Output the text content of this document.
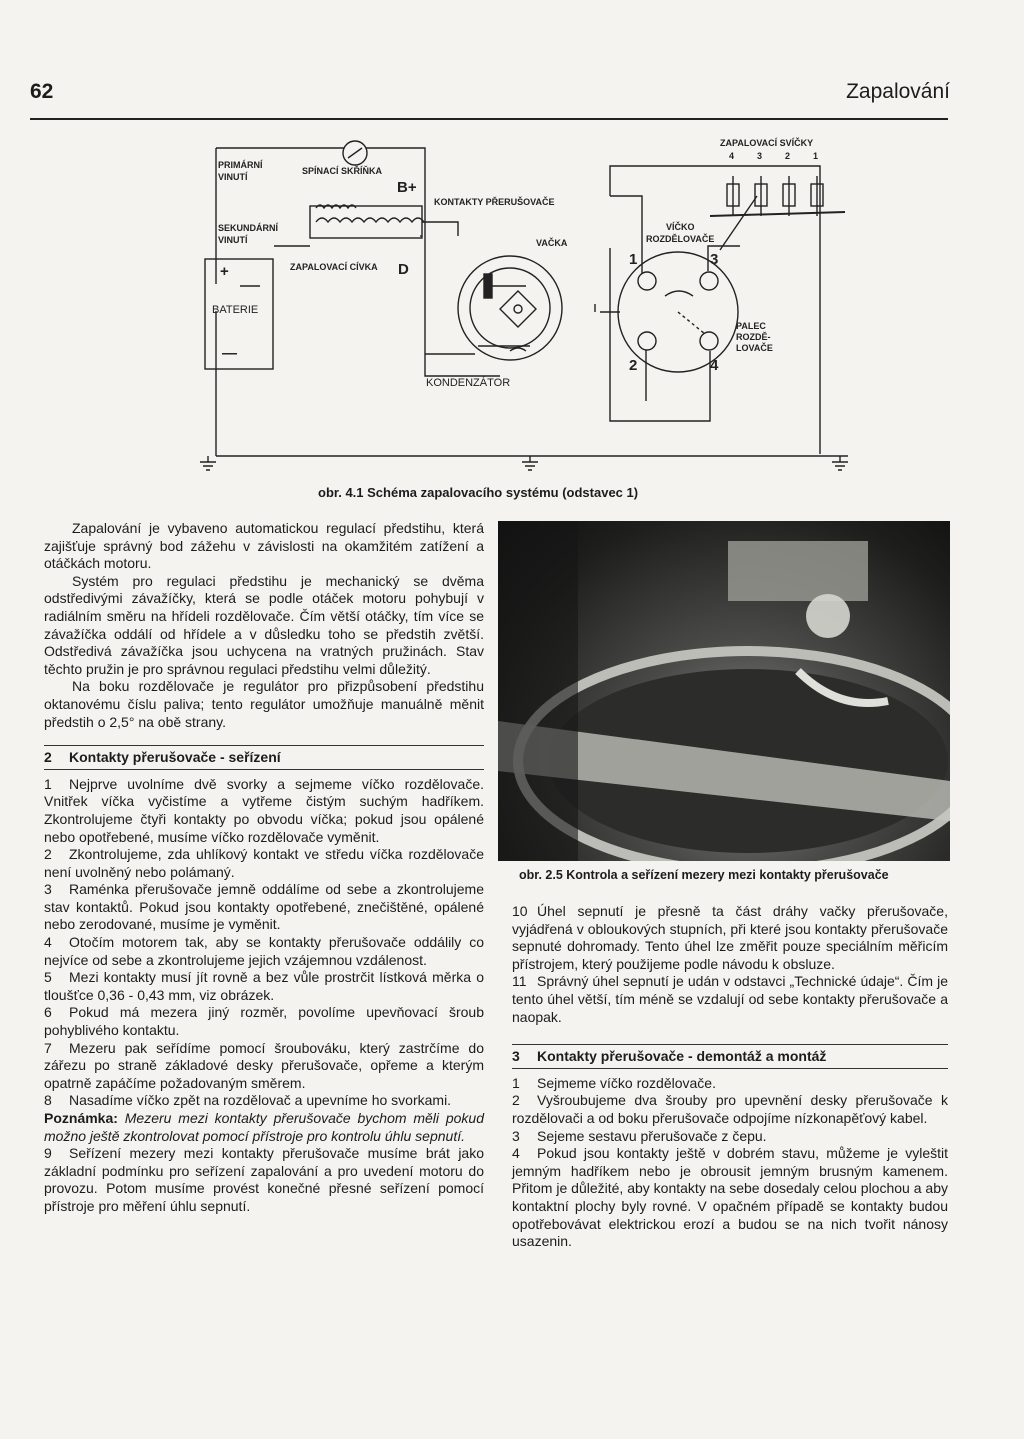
62	Zapalování
PRIMÁRNÍ
VINUTÍ
SPÍNACÍ SKŘÍŇKA
B+
KONTAKTY PŘERUŠOVAČE
SEKUNDÁRNÍ
VINUTÍ	VAČKA
ZAPALOVACÍ CÍVKA D
+
BATERIE
—
KONDENZÁTOR
ZAPALOVACÍ SVÍČKY
4	3	2	1
VÍČKO
ROZDĚLOVAČE
PALEC
ROZDĚ-
LOVAČE
1	3
2	4
obr. 4.1 Schéma zapalovacího systému (odstavec 1)

Zapalování je vybaveno automatickou regulací předstihu, která zajišťuje správný bod zážehu v závislosti na okamžitém zatížení a otáčkách motoru.

Systém pro regulaci předstihu je mechanický se dvěma odstředivými závažíčky, která se podle otáček motoru pohybují v radiálním směru na hřídeli rozdělovače. Čím větší otáčky, tím více se závažíčka oddálí od hřídele a v důsledku toho se předstih zvětší. Odstředivá závažíčka jsou uchycena na vratných pružinách. Stav těchto pružin je pro správnou regulaci předstihu velmi důležitý.

Na boku rozdělovače je regulátor pro přizpůsobení předstihu oktanovému číslu paliva; tento regulátor umožňuje manuálně měnit předstih o 2,5° na obě strany.

2 Kontakty přerušovače - seřízení

1 Nejprve uvolníme dvě svorky a sejmeme víčko rozdělovače. Vnitřek víčka vyčistíme a vytřeme čistým suchým hadříkem. Zkontrolujeme čtyři kontakty po obvodu víčka; pokud jsou opálené nebo opotřebené, musíme víčko rozdělovače vyměnit.

2 Zkontrolujeme, zda uhlíkový kontakt ve středu víčka rozdělovače není uvolněný nebo polámaný.

3 Raménka přerušovače jemně oddálíme od sebe a zkontrolujeme stav kontaktů. Pokud jsou kontakty opotřebené, znečištěné, opálené nebo zerodované, musíme je vyměnit.

4 Otočím motorem tak, aby se kontakty přerušovače oddálily co nejvíce od sebe a zkontrolujeme jejich vzájemnou vzdálenost.

5 Mezi kontakty musí jít rovně a bez vůle prostrčit lístková měrka o tloušťce 0,36 - 0,43 mm, viz obrázek.

6 Pokud má mezera jiný rozměr, povolíme upevňovací šroub pohyblivého kontaktu.

7 Mezeru pak seřídíme pomocí šroubováku, který zastrčíme do zářezu po straně základové desky přerušovače, opřeme a kterým opatrně zapáčíme požadovaným směrem.

8 Nasadíme víčko zpět na rozdělovač a upevníme ho svorkami.

Poznámka: Mezeru mezi kontakty přerušovače bychom měli pokud možno ještě zkontrolovat pomocí přístroje pro kontrolu úhlu sepnutí.

9 Seřízení mezery mezi kontakty přerušovače musíme brát jako základní podmínku pro seřízení zapalování a pro uvedení motoru do provozu. Potom musíme provést konečné přesné seřízení pomocí přístroje pro měření úhlu sepnutí.

obr. 2.5 Kontrola a seřízení mezery mezi kontakty přerušovače

10 Úhel sepnutí je přesně ta část dráhy vačky přerušovače, vyjádřená v obloukových stupních, při které jsou kontakty přerušovače sepnuté dohromady. Tento úhel lze změřit pouze speciálním měřicím přístrojem, který použijeme podle návodu k obsluze.

11 Správný úhel sepnutí je udán v odstavci „Technické údaje“. Čím je tento úhel větší, tím méně se vzdalují od sebe kontakty přerušovače a naopak.

3 Kontakty přerušovače - demontáž a montáž

1 Sejmeme víčko rozdělovače.

2 Vyšroubujeme dva šrouby pro upevnění desky přerušovače k rozdělovači a od boku přerušovače odpojíme nízkonapěťový kabel.

3 Sejeme sestavu přerušovače z čepu.

4 Pokud jsou kontakty ještě v dobrém stavu, můžeme je vyleštit jemným hadříkem nebo je obrousit jemným brusným kamenem. Přitom je důležité, aby kontakty na sebe dosedaly celou plochou a aby kontaktní plochy byly rovné. V opačném případě se kontakty budou opotřebovávat elektrickou erozí a budou se na nich tvořit nánosy usazenin.
